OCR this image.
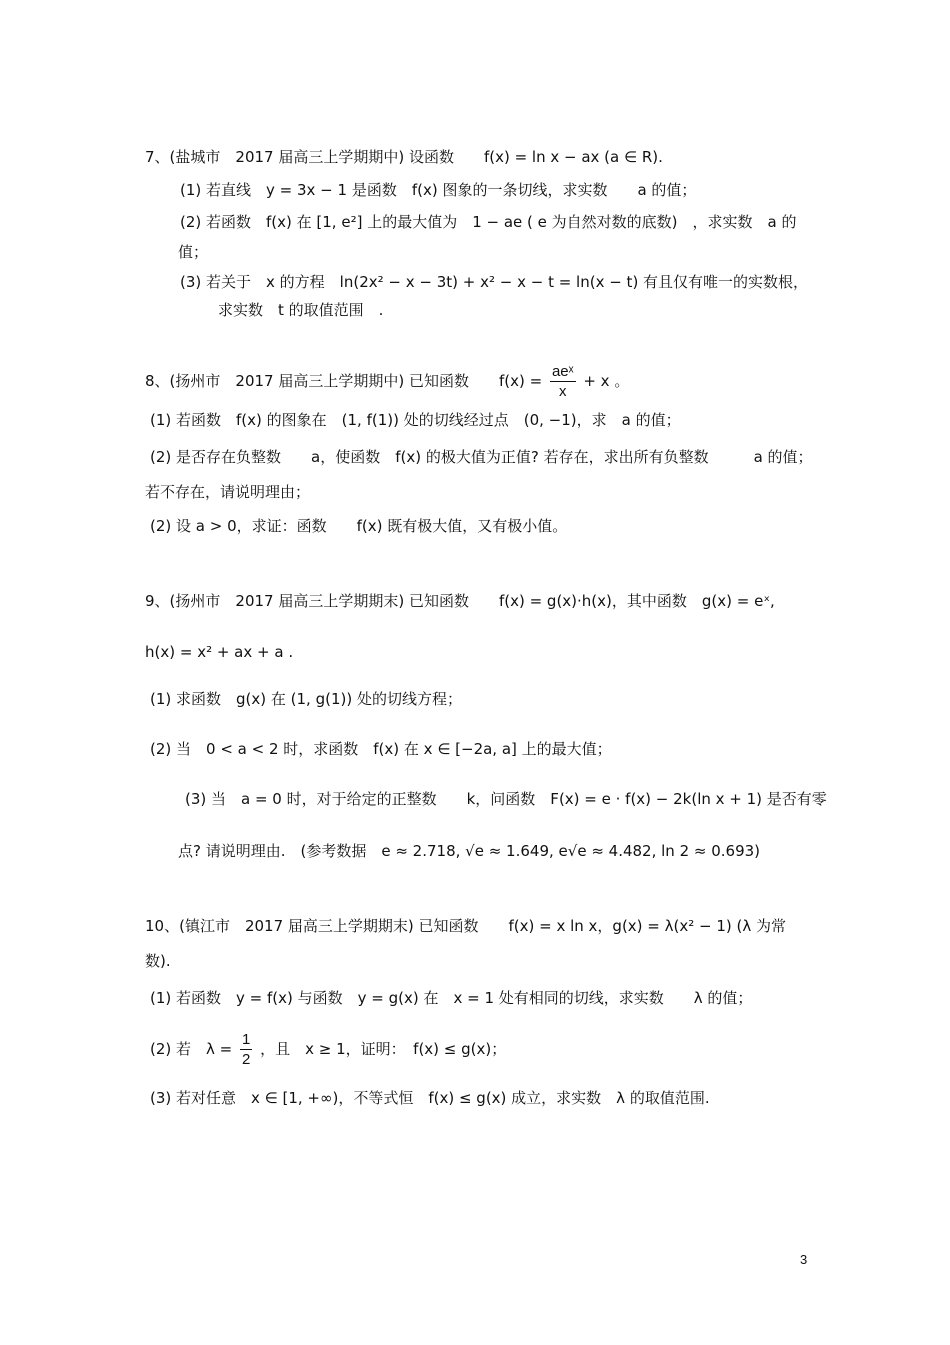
7、(盐城市　2017 届高三上学期期中) 设函数　　f(x) = ln x − ax (a ∈ R).
(1) 若直线　y = 3x − 1 是函数　f(x) 图象的一条切线，求实数　　a 的值；
(2) 若函数　f(x) 在 [1, e²] 上的最大值为　1 − ae ( e 为自然对数的底数)　，求实数　a 的
值；
(3) 若关于　x 的方程　ln(2x² − x − 3t) + x² − x − t = ln(x − t) 有且仅有唯一的实数根，
求实数　t 的取值范围　.
8、(扬州市　2017 届高三上学期期中) 已知函数　　$f(x) = \frac{\text{aeˣ}}{x} + x$ 。
(1) 若函数　f(x) 的图象在　(1, f(1)) 处的切线经过点　(0, −1)，求　a 的值；
(2) 是否存在负整数　　a，使函数　f(x) 的极大值为正值? 若存在，求出所有负整数　　　a 的值；
若不存在，请说明理由；
(2) 设 a > 0，求证：函数　　f(x) 既有极大值，又有极小值。
9、(扬州市　2017 届高三上学期期末) 已知函数　　f(x) = g(x)·h(x)，其中函数　g(x) = eˣ,
h(x) = x² + ax + a .
(1) 求函数　g(x) 在 (1, g(1)) 处的切线方程；
(2) 当　0 < a < 2 时，求函数　f(x) 在 x ∈ [−2a, a] 上的最大值；
(3) 当　a = 0 时，对于给定的正整数　　k，问函数　F(x) = e · f(x) − 2k(ln x + 1) 是否有零
点? 请说明理由.　(参考数据　e ≈ 2.718, √e ≈ 1.649, e√e ≈ 4.482, ln 2 ≈ 0.693)
10、(镇江市　2017 届高三上学期期末) 已知函数　　f(x) = x ln x，g(x) = λ(x² − 1) (λ 为常
数).
(1) 若函数　y = f(x) 与函数　y = g(x) 在　x = 1 处有相同的切线，求实数　　λ 的值；
(2) 若　$\lambda = \frac{1}{2}$ ，且　x ≥ 1，证明：　f(x) ≤ g(x)；
(3) 若对任意　x ∈ [1, +∞)，不等式恒　f(x) ≤ g(x) 成立，求实数　λ 的取值范围.
3
